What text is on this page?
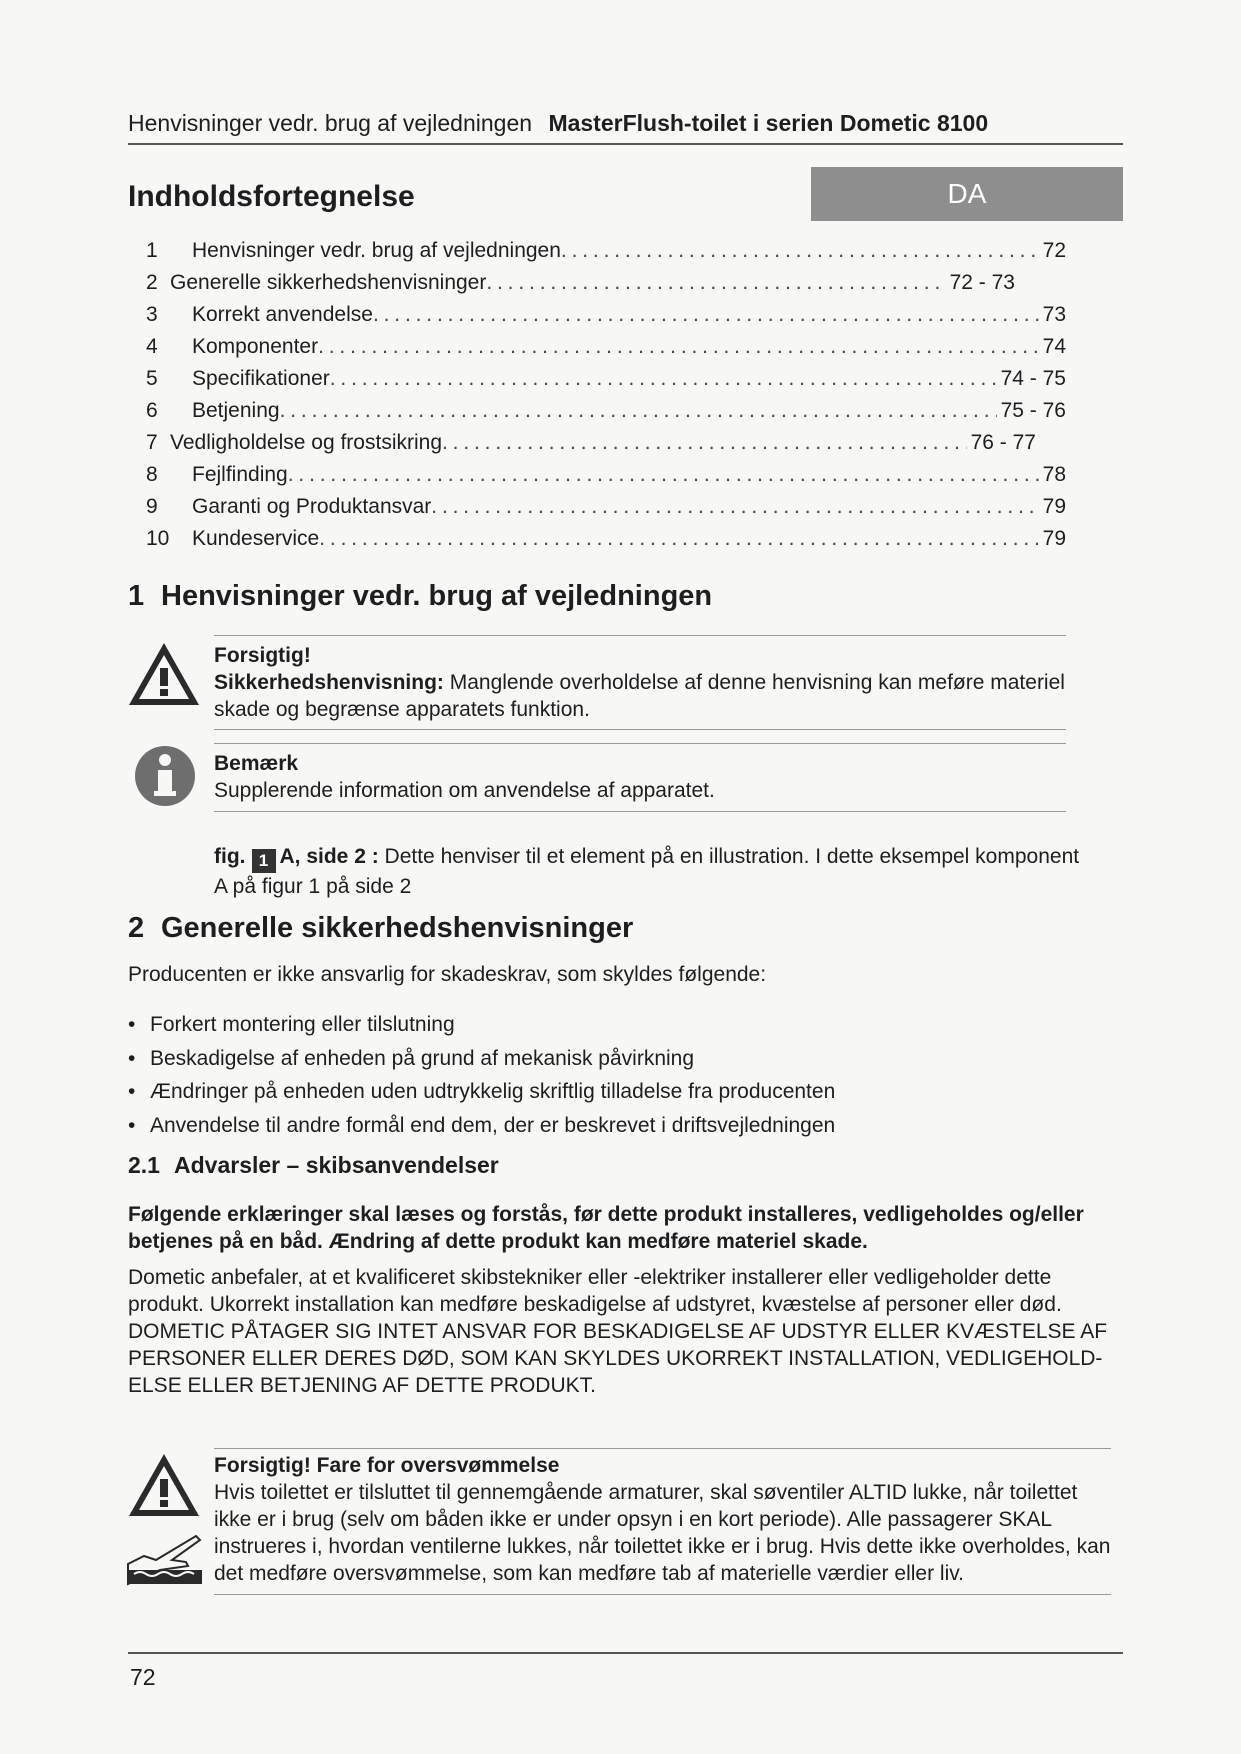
Henvisninger vedr. brug af vejledningen MasterFlush-toilet i serien Dometic 8100
Indholdsfortegnelse	DA
1	Henvisninger vedr. brug af vejledningen . . .	72
2 Generelle sikkerhedshenvisninger . . .	72 - 73
3	Korrekt anvendelse . . .	73
4	Komponenter . . .	74
5	Specifikationer . . .	74 - 75
6	Betjening . . .	75 - 76
7 Vedligholdelse og frostsikring . . .	76 - 77
8	Fejlfinding . . .	78
9	Garanti og Produktansvar . . .	79
10	Kundeservice . . .	79
1 Henvisninger vedr. brug af vejledningen
Forsigtig!
Sikkerhedshenvisning: Manglende overholdelse af denne henvisning kan meføre materiel skade og begrænse apparatets funktion.
Bemærk
Supplerende information om anvendelse af apparatet.
fig. 1 A, side 2 : Dette henviser til et element på en illustration. I dette eksempel komponent A på figur 1 på side 2
2 Generelle sikkerhedshenvisninger
Producenten er ikke ansvarlig for skadeskrav, som skyldes følgende:
• Forkert montering eller tilslutning
• Beskadigelse af enheden på grund af mekanisk påvirkning
• Ændringer på enheden uden udtrykkelig skriftlig tilladelse fra producenten
• Anvendelse til andre formål end dem, der er beskrevet i driftsvejledningen
2.1 Advarsler – skibsanvendelser
Følgende erklæringer skal læses og forstås, før dette produkt installeres, vedligeholdes og/eller betjenes på en båd. Ændring af dette produkt kan medføre materiel skade.
Dometic anbefaler, at et kvalificeret skibstekniker eller -elektriker installerer eller vedligeholder dette produkt. Ukorrekt installation kan medføre beskadigelse af udstyret, kvæstelse af personer eller død. DOMETIC PÅTAGER SIG INTET ANSVAR FOR BESKADIGELSE AF UDSTYR ELLER KVÆSTELSE AF PERSONER ELLER DERES DØD, SOM KAN SKYLDES UKORREKT INSTALLATION, VEDLIGEHOLD-ELSE ELLER BETJENING AF DETTE PRODUKT.
Forsigtig! Fare for oversvømmelse
Hvis toilettet er tilsluttet til gennemgående armaturer, skal søventiler ALTID lukke, når toilettet ikke er i brug (selv om båden ikke er under opsyn i en kort periode). Alle passagerer SKAL instrueres i, hvordan ventilerne lukkes, når toilettet ikke er i brug. Hvis dette ikke overholdes, kan det medføre oversvømmelse, som kan medføre tab af materielle værdier eller liv.
72
